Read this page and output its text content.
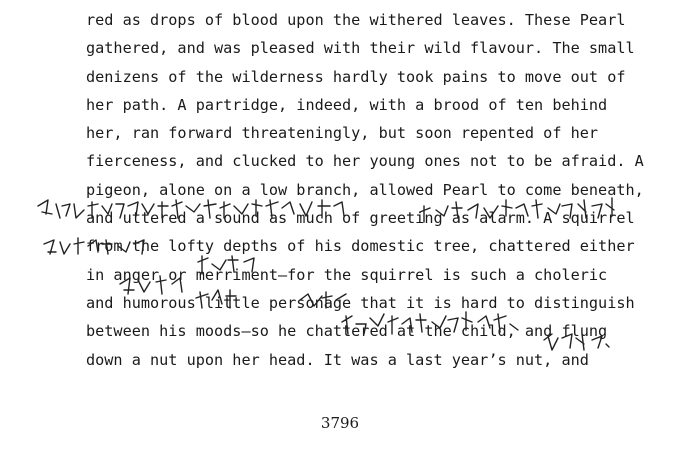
red as drops of blood upon the withered leaves. These Pearl
gathered, and was pleased with their wild flavour. The small
denizens of the wilderness hardly took pains to move out of
her path. A partridge, indeed, with a brood of ten behind
her, ran forward threateningly, but soon repented of her
fierceness, and clucked to her young ones not to be afraid. A
pigeon, alone on a low branch, allowed Pearl to come beneath,
and uttered a sound as much of greeting as alarm. A squirrel
from the lofty depths of his domestic tree, chattered either
in anger or merriment—for the squirrel is such a choleric
and humorous little personage that it is hard to distinguish
between his moods—so he chattered at the child, and flung
down a nut upon her head. It was a last year’s nut, and
3796
